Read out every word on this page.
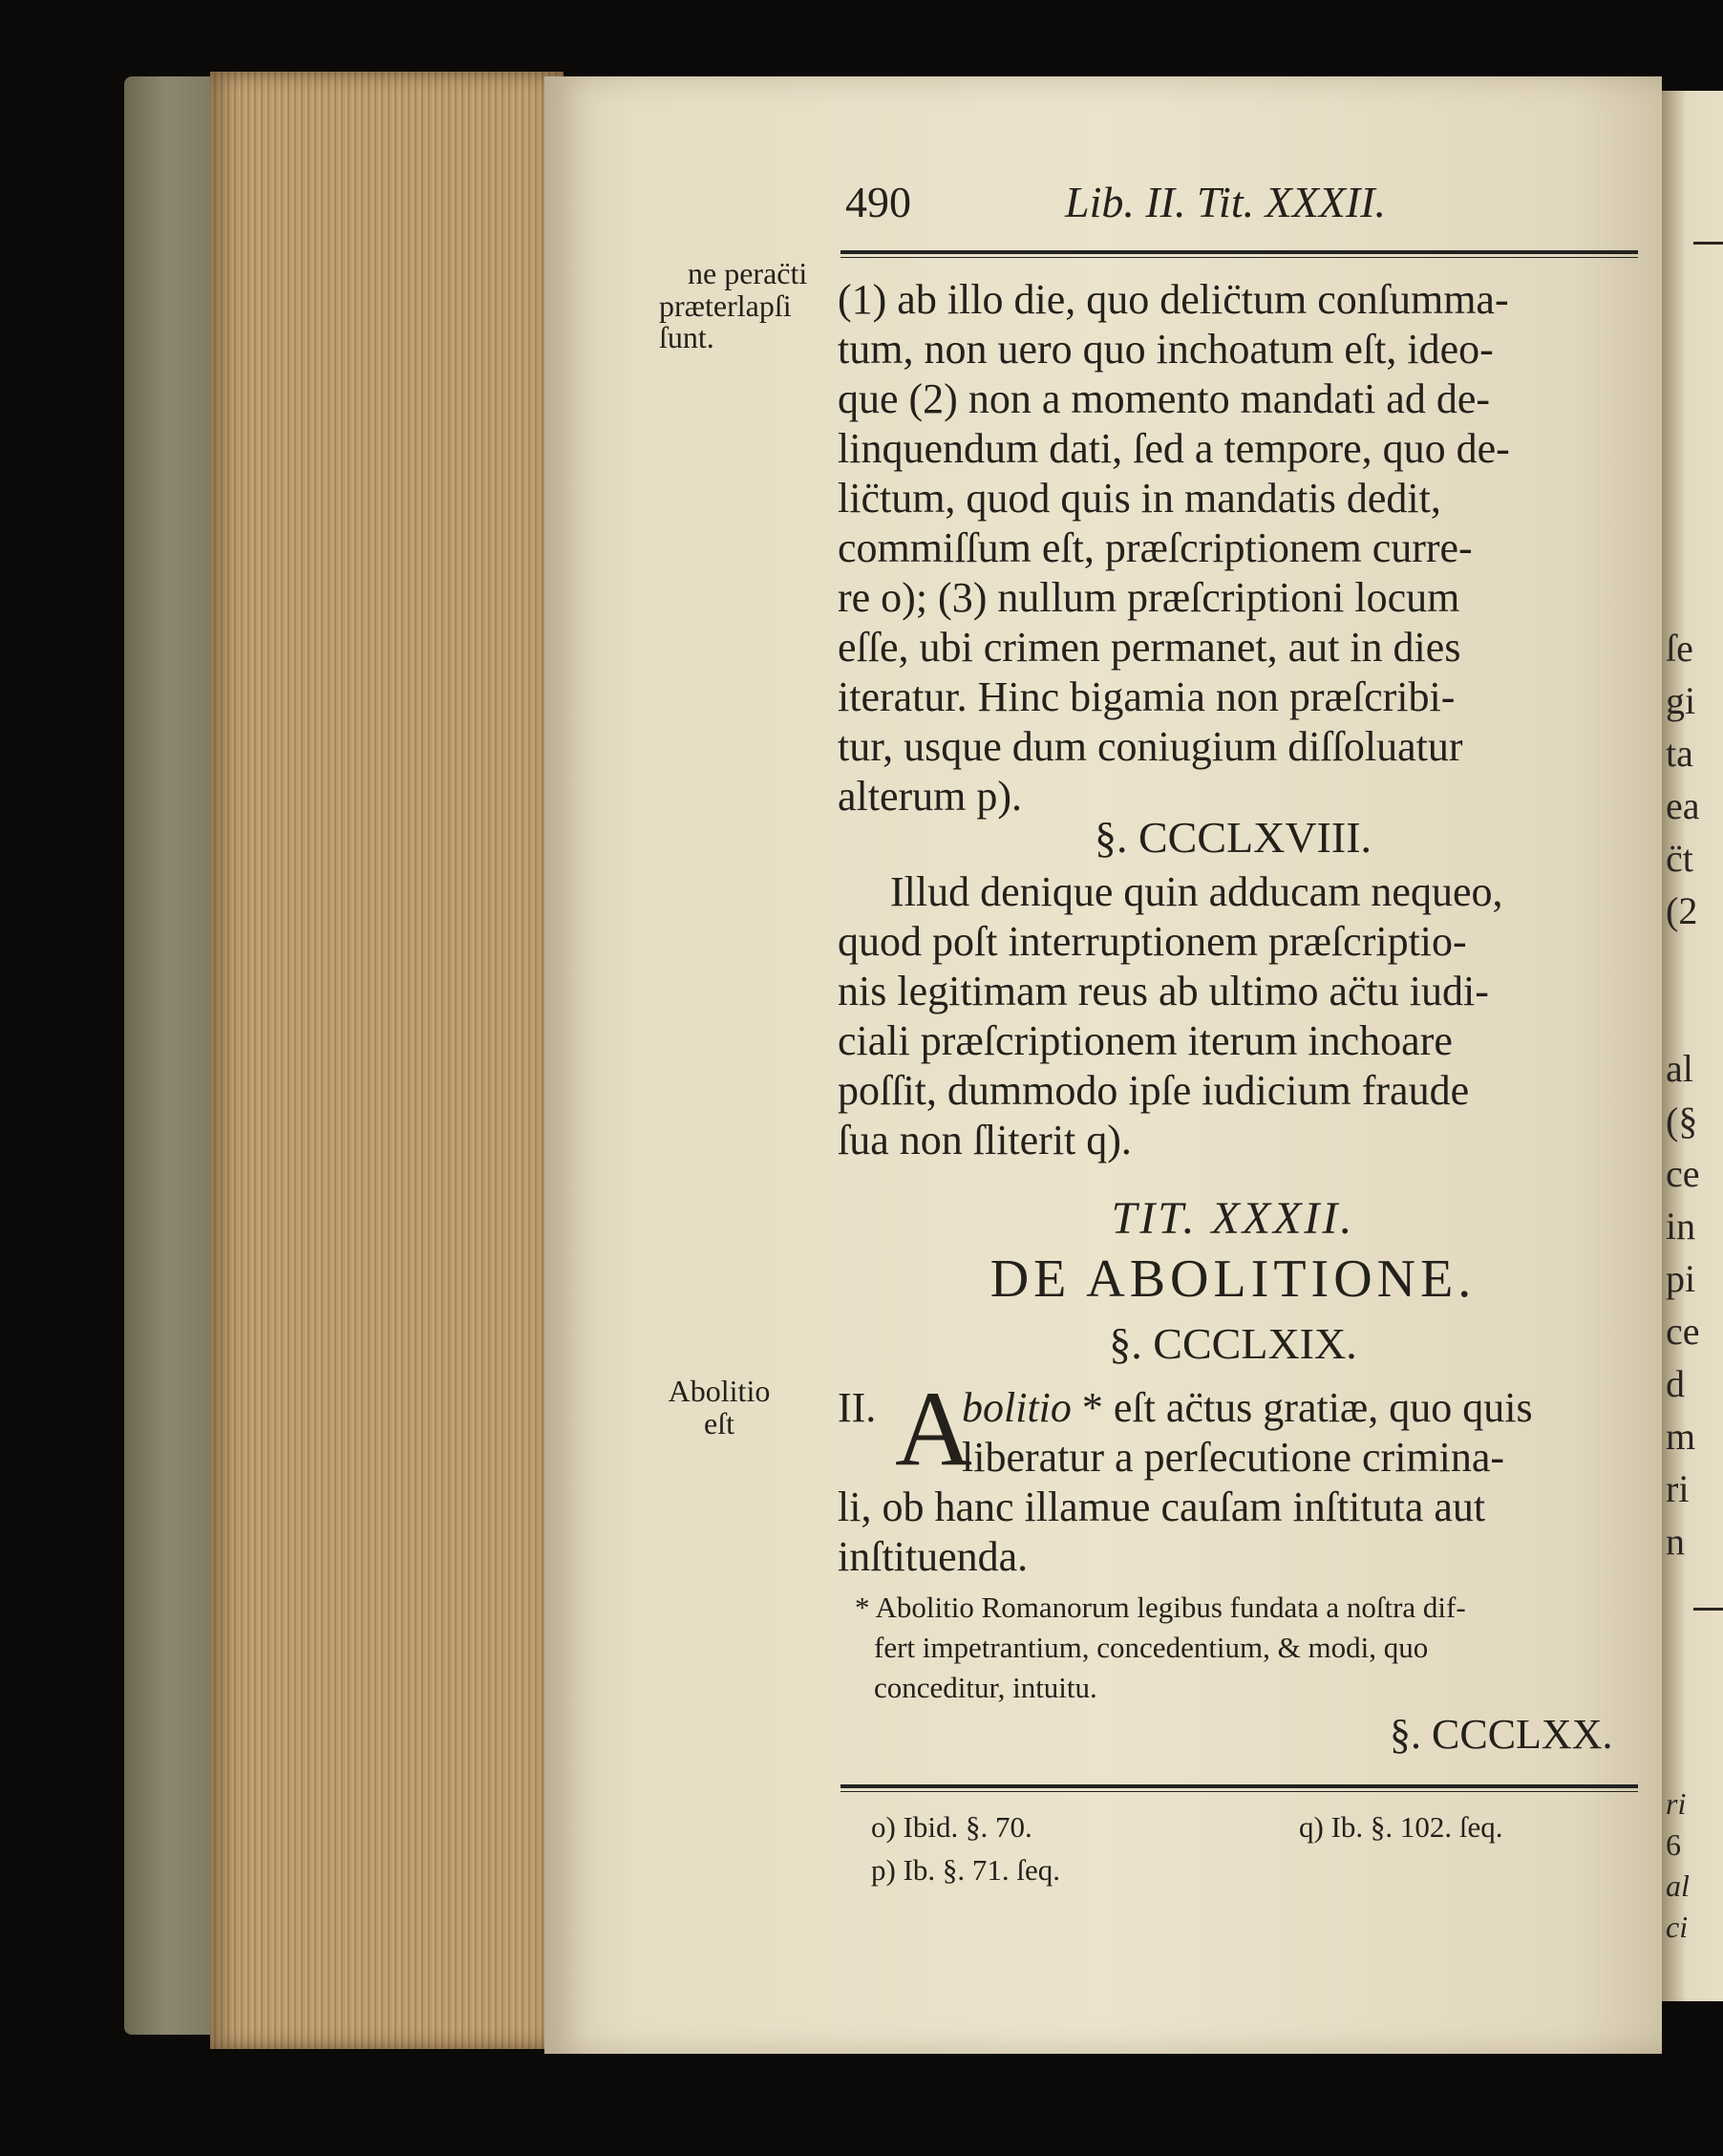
ſe
gi
ta
ea
c̈t
(2
al
(§
ce
in
pi
ce
d
m
ri
n
ri
6
al
ci
490	Lib. II. Tit. XXXII.
ne perac̈ti
præterlapſi
ſunt.
(1) ab illo die, quo delic̈tum conſumma-
tum, non uero quo inchoatum eſt, ideo-
que (2) non a momento mandati ad de-
linquendum dati, ſed a tempore, quo de-
lic̈tum, quod quis in mandatis dedit,
commiſſum eſt, præſcriptionem curre-
re o); (3) nullum præſcriptioni locum
eſſe, ubi crimen permanet, aut in dies
iteratur. Hinc bigamia non præſcribi-
tur, usque dum coniugium diſſoluatur
alterum p).
§. CCCLXVIII.
Illud denique quin adducam nequeo,
quod poſt interruptionem præſcriptio-
nis legitimam reus ab ultimo ac̈tu iudi-
ciali præſcriptionem iterum inchoare
poſſit, dummodo ipſe iudicium fraude
ſua non ſliterit q).
TIT. XXXII.
DE ABOLITIONE.
§. CCCLXIX.
Abolitio
eſt	II. A
bolitio * eſt ac̈tus gratiæ, quo quis
liberatur a perſecutione crimina-
li, ob hanc illamue cauſam inſtituta aut
inſtituenda.
* Abolitio Romanorum legibus fundata a noſtra dif-
fert impetrantium, concedentium, & modi, quo
conceditur, intuitu.
§. CCCLXX.
o) Ibid. §. 70.
p) Ib. §. 71. ſeq.
q) Ib. §. 102. ſeq.
